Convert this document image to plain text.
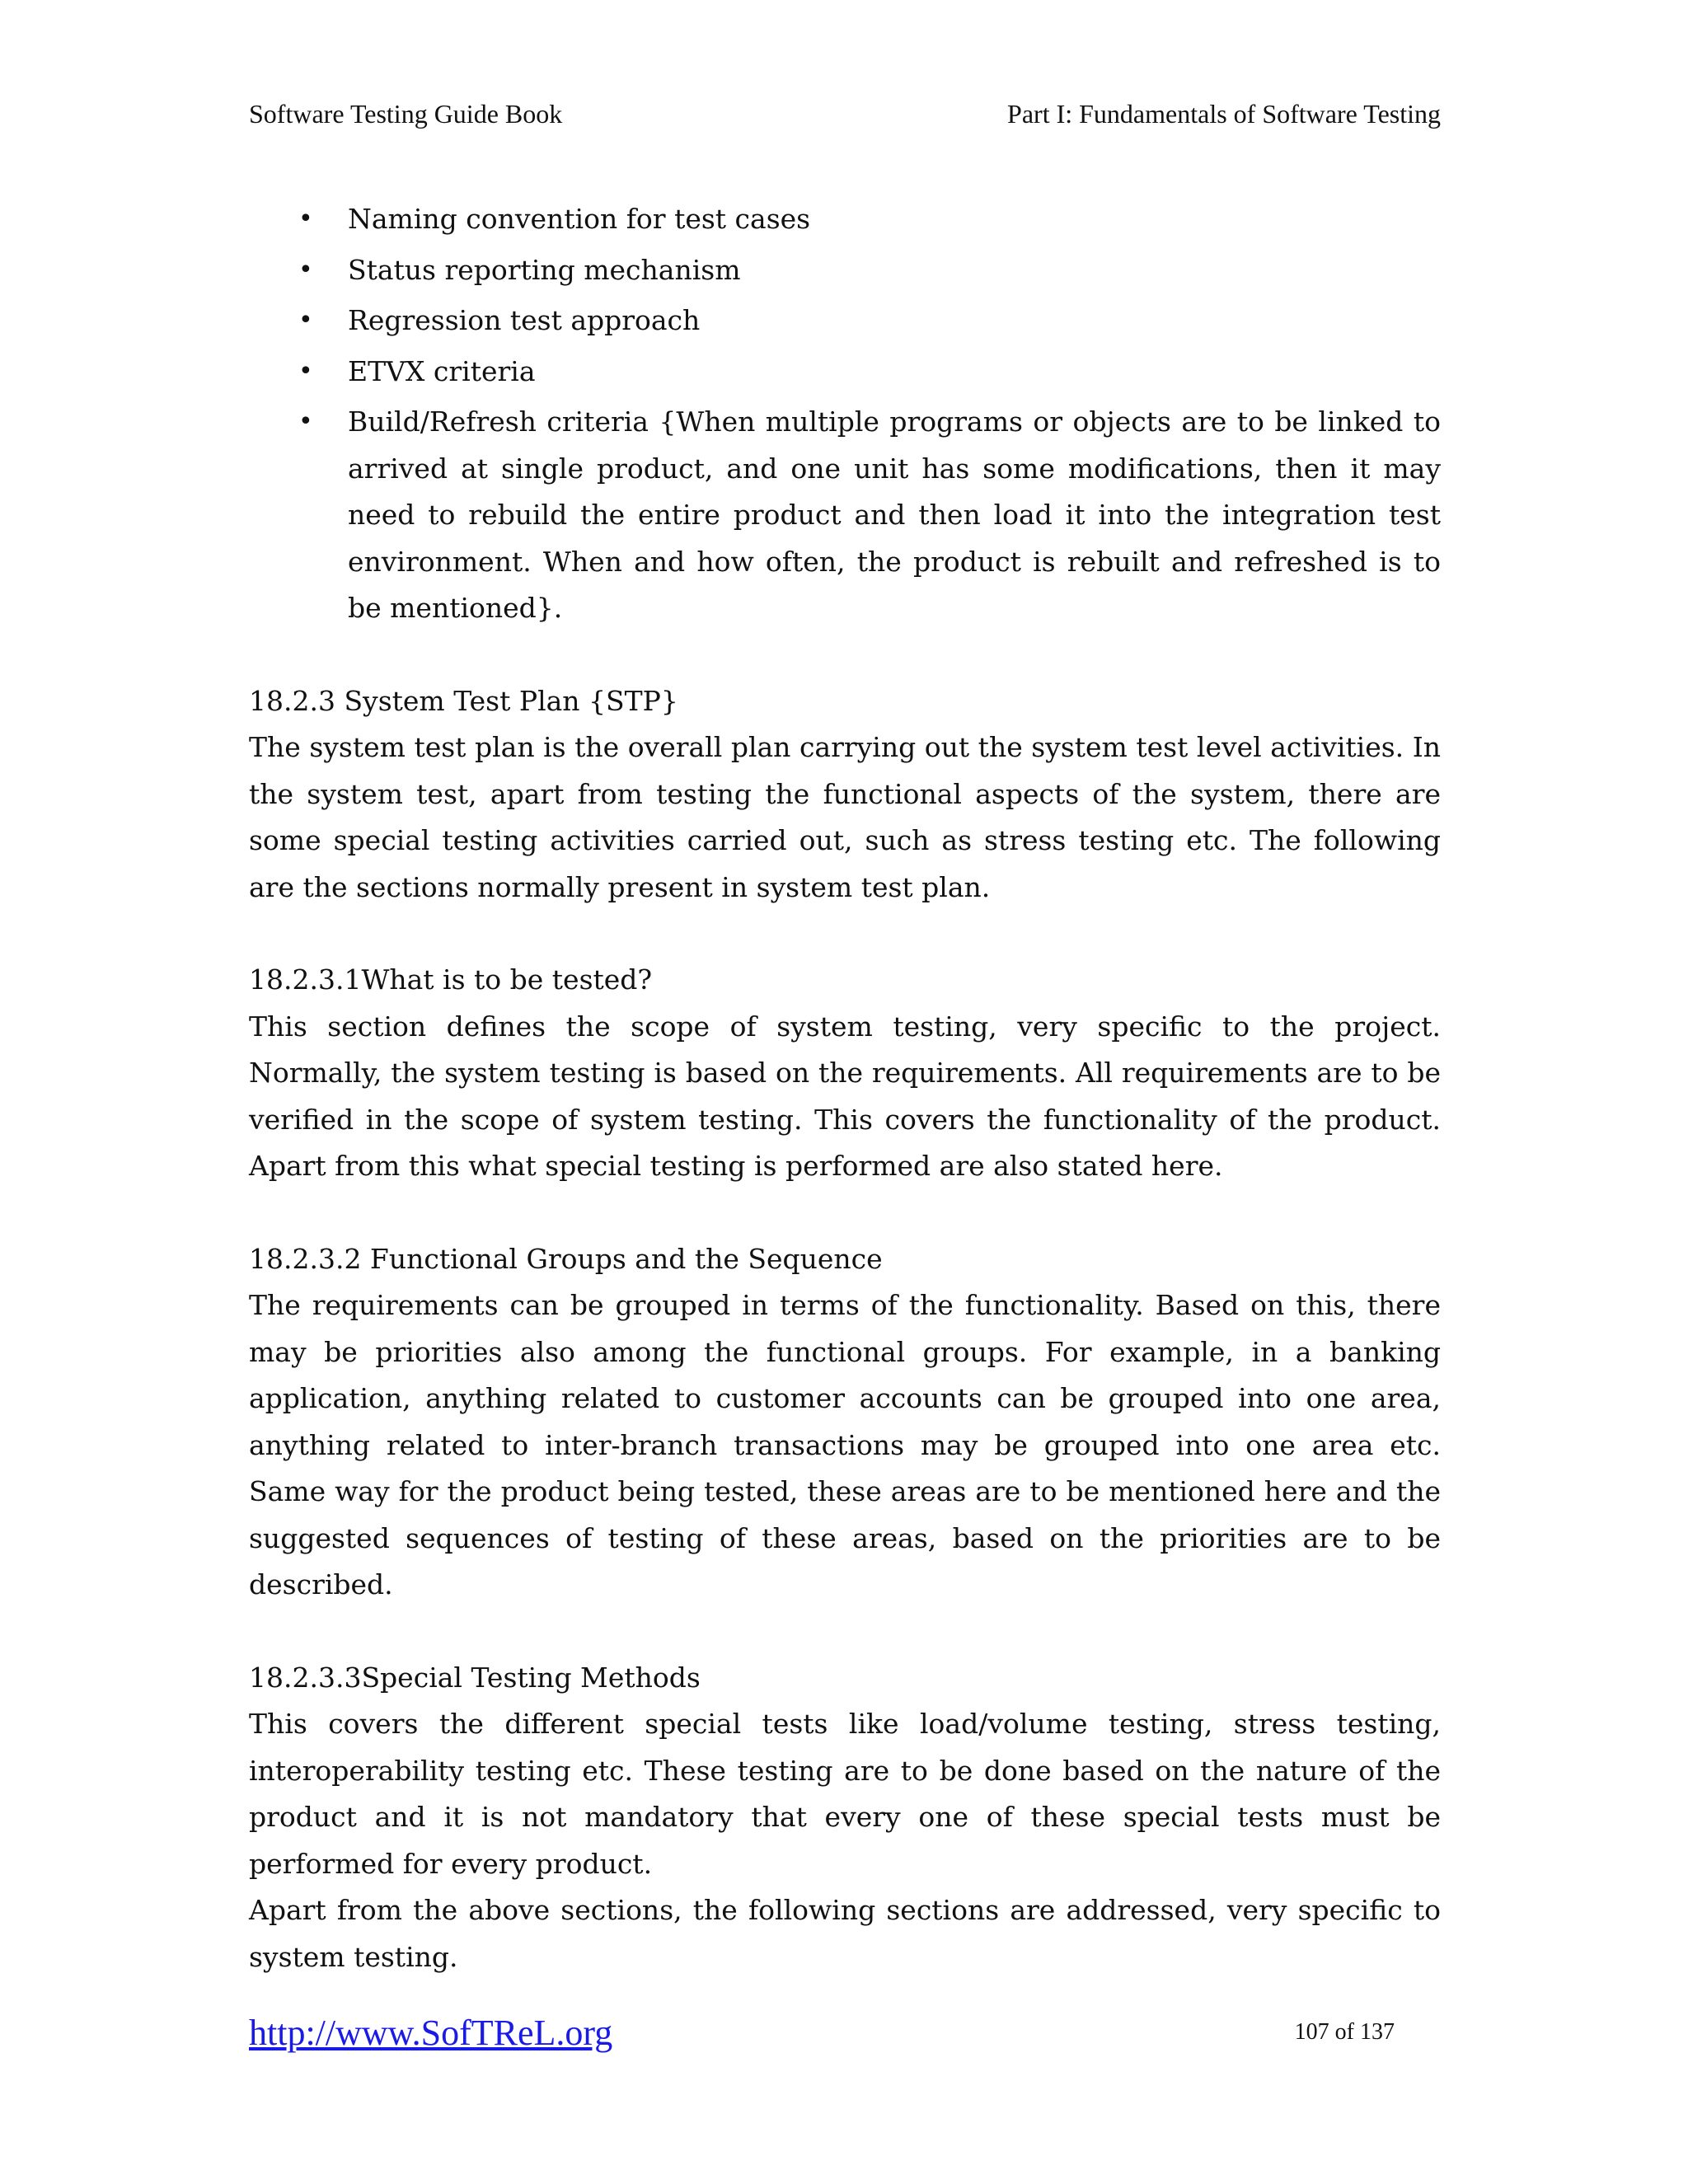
Software Testing Guide Book	Part I: Fundamentals of Software Testing
• Naming convention for test cases
• Status reporting mechanism
• Regression test approach
• ETVX criteria
• Build/Refresh criteria {When multiple programs or objects are to be linked to arrived at single product, and one unit has some modifications, then it may need to rebuild the entire product and then load it into the integration test environment. When and how often, the product is rebuilt and refreshed is to be mentioned}.
18.2.3 System Test Plan {STP}

The system test plan is the overall plan carrying out the system test level activities. In the system test, apart from testing the functional aspects of the system, there are some special testing activities carried out, such as stress testing etc. The following are the sections normally present in system test plan.

18.2.3.1What is to be tested?

This section defines the scope of system testing, very specific to the project. Normally, the system testing is based on the requirements. All requirements are to be verified in the scope of system testing. This covers the functionality of the product. Apart from this what special testing is performed are also stated here.

18.2.3.2 Functional Groups and the Sequence

The requirements can be grouped in terms of the functionality. Based on this, there may be priorities also among the functional groups. For example, in a banking application, anything related to customer accounts can be grouped into one area, anything related to inter-branch transactions may be grouped into one area etc. Same way for the product being tested, these areas are to be mentioned here and the suggested sequences of testing of these areas, based on the priorities are to be described.

18.2.3.3Special Testing Methods

This covers the different special tests like load/volume testing, stress testing, interoperability testing etc. These testing are to be done based on the nature of the product and it is not mandatory that every one of these special tests must be performed for every product.

Apart from the above sections, the following sections are addressed, very specific to system testing.

http://www.SofTReL.org	107 of 137
